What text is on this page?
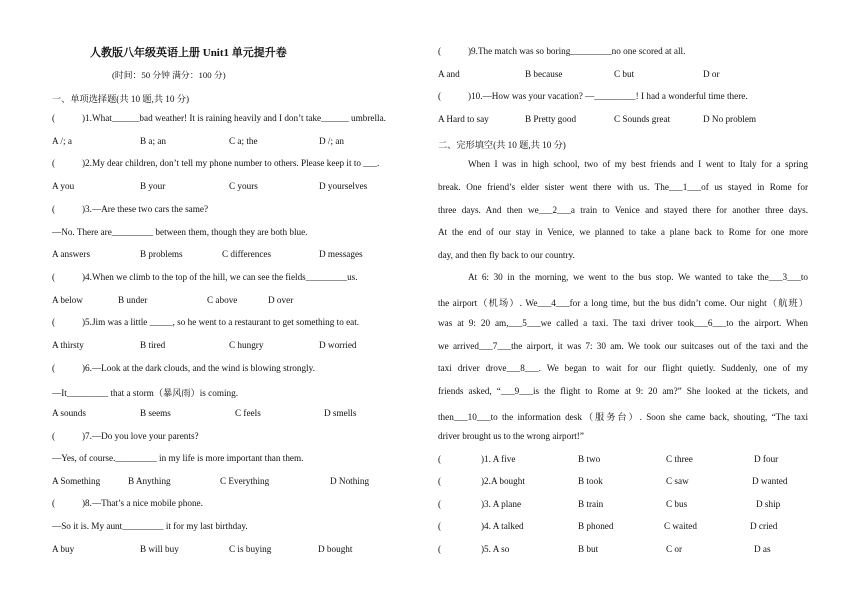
人教版八年级英语上册 Unit1 单元提升卷
(时间：50 分钟 满分：100 分)
一、单项选择题(共 10 题,共 10 分)
(	)1.What______bad weather! It is raining heavily and I don’t take______ umbrella.
A /; a	B a; an	C a; the	D /; an
(	)2.My dear children, don’t tell my phone number to others. Please keep it to ___.
A you	B your	C yours	D yourselves
(	)3.—Are these two cars the same?
—No. There are_________ between them, though they are both blue.
A answers	B problems	C differences	D messages
(	)4.When we climb to the top of the hill, we can see the fields_________us.
A below	B under	C above	D over
(	)5.Jim was a little _____, so he went to a restaurant to get something to eat.
A thirsty	B tired	C hungry	D worried
(	)6.—Look at the dark clouds, and the wind is blowing strongly.
—It_________ that a storm（暴风雨）is coming.
A sounds	B seems	C feels	D smells
(	)7.—Do you love your parents?
—Yes, of course._________ in my life is more important than them.
A Something	B Anything	C Everything	D Nothing
(	)8.—That’s a nice mobile phone.
—So it is. My aunt_________ it for my last birthday.
A buy	B will buy	C is buying	D bought
(	)9.The match was so boring_________no one scored at all.
A and	B because	C but	D or
(	)10.—How was your vacation? —_________! I had a wonderful time there.
A Hard to say	B Pretty good	C Sounds great	D No problem
二、完形填空(共 10 题,共 10 分)
When I was in high school, two of my best friends and I went to Italy for a spring
break. One friend’s elder sister went there with us. The___1___of us stayed in Rome for
three days. And then we___2___a train to Venice and stayed there for another three days.
At the end of our stay in Venice, we planned to take a plane back to Rome for one more
day, and then fly back to our country.
At 6: 30 in the morning, we went to the bus stop. We wanted to take the___3___to
the airport（机场）. We___4___for a long time, but the bus didn’t come. Our night（航班）
was at 9: 20 am,___5___we called a taxi. The taxi driver took___6___to the airport. When
we arrived___7___the airport, it was 7: 30 am. We took our suitcases out of the taxi and the
taxi driver drove___8___. We began to wait for our flight quietly. Suddenly, one of my
friends asked, “___9___is the flight to Rome at 9: 20 am?” She looked at the tickets, and
then___10___to the information desk（服务台）. Soon she came back, shouting, “The taxi
driver brought us to the wrong airport!”
(	)1. A five	B two	C three	D four
(	)2.A bought	B took	C saw	D wanted
(	)3. A plane	B train	C bus	D ship
(	)4. A talked	B phoned	C waited	D cried
(	)5. A so	B but	C or	D as
